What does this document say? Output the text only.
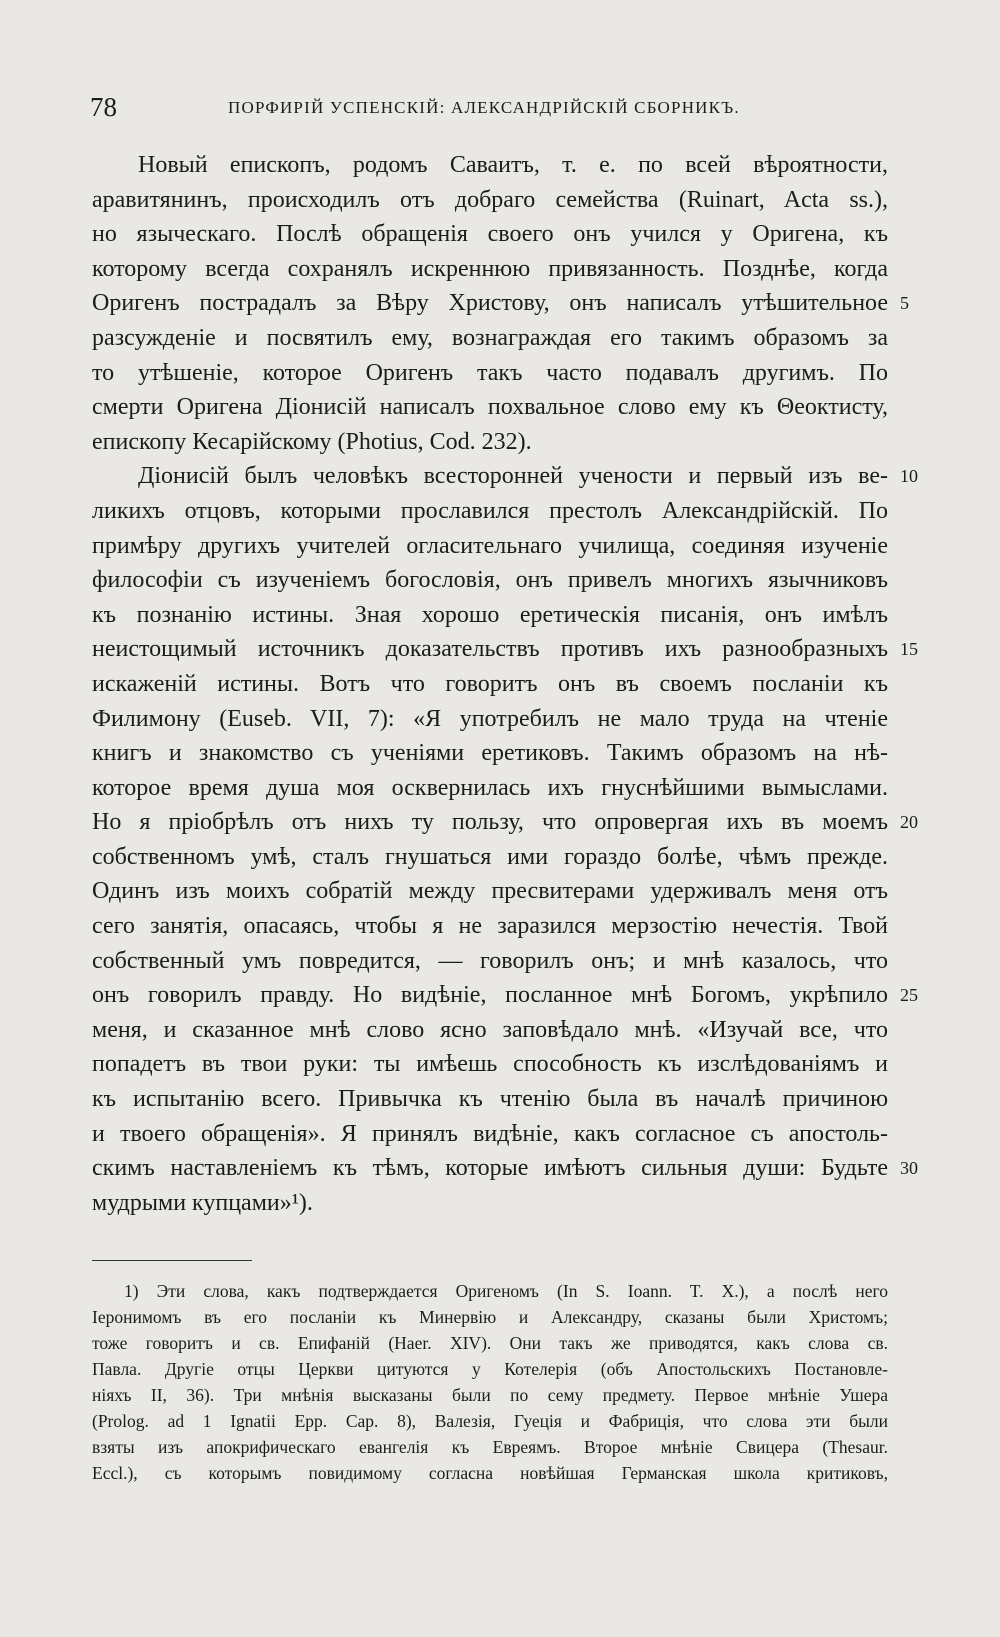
78	ПОРФИРІЙ УСПЕНСКІЙ: АЛЕКСАНДРІЙСКІЙ СБОРНИКЪ.
Новый епископъ, родомъ Саваитъ, т. е. по всей вѣроятности,
аравитянинъ, происходилъ отъ добраго семейства (Ruinart, Acta ss.),
но языческаго. Послѣ обращенія своего онъ учился у Оригена, къ
которому всегда сохранялъ искреннюю привязанность. Позднѣе, когда
Оригенъ пострадалъ за Вѣру Христову, онъ написалъ утѣшительное
разсужденіе и посвятилъ ему, вознаграждая его такимъ образомъ за
то утѣшеніе, которое Оригенъ такъ часто подавалъ другимъ. По
смерти Оригена Діонисій написалъ похвальное слово ему къ Θеоктисту,
епископу Кесарійскому (Photius, Cod. 232).
Діонисій былъ человѣкъ всесторонней учености и первый изъ ве-
ликихъ отцовъ, которыми прославился престолъ Александрійскій. По
примѣру другихъ учителей огласительнаго училища, соединяя изученіе
философіи съ изученіемъ богословія, онъ привелъ многихъ язычниковъ
къ познанію истины. Зная хорошо еретическія писанія, онъ имѣлъ
неистощимый источникъ доказательствъ противъ ихъ разнообразныхъ
искаженій истины. Вотъ что говоритъ онъ въ своемъ посланіи къ
Филимону (Euseb. VII, 7): «Я употребилъ не мало труда на чтеніе
книгъ и знакомство съ ученіями еретиковъ. Такимъ образомъ на нѣ-
которое время душа моя осквернилась ихъ гнуснѣйшими вымыслами.
Но я пріобрѣлъ отъ нихъ ту пользу, что опровергая ихъ въ моемъ
собственномъ умѣ, сталъ гнушаться ими гораздо болѣе, чѣмъ прежде.
Одинъ изъ моихъ собратій между пресвитерами удерживалъ меня отъ
сего занятія, опасаясь, чтобы я не заразился мерзостію нечестія. Твой
собственный умъ повредится, — говорилъ онъ; и мнѣ казалось, что
онъ говорилъ правду. Но видѣніе, посланное мнѣ Богомъ, укрѣпило
меня, и сказанное мнѣ слово ясно заповѣдало мнѣ. «Изучай все, что
попадетъ въ твои руки: ты имѣешь способность къ изслѣдованіямъ и
къ испытанію всего. Привычка къ чтенію была въ началѣ причиною
и твоего обращенія». Я принялъ видѣніе, какъ согласное съ апостоль-
скимъ наставленіемъ къ тѣмъ, которые имѣютъ сильныя души: Будьте
мудрыми купцами»¹).
5
10
15
20
25
30
1) Эти слова, какъ подтверждается Оригеномъ (In S. Ioann. T. X.), а послѣ него
Іеронимомъ въ его посланіи къ Минервію и Александру, сказаны были Христомъ;
тоже говоритъ и св. Епифаній (Haer. XIV). Они такъ же приводятся, какъ слова св.
Павла. Другіе отцы Церкви цитуются у Котелерія (объ Апостольскихъ Постановле-
ніяхъ II, 36). Три мнѣнія высказаны были по сему предмету. Первое мнѣніе Ушера
(Prolog. ad 1 Ignatii Epp. Cap. 8), Валезія, Гуеція и Фабриція, что слова эти были
взяты изъ апокрифическаго евангелія къ Евреямъ. Второе мнѣніе Свицера (Thesaur.
Eccl.), съ которымъ повидимому согласна новѣйшая Германская школа критиковъ,
